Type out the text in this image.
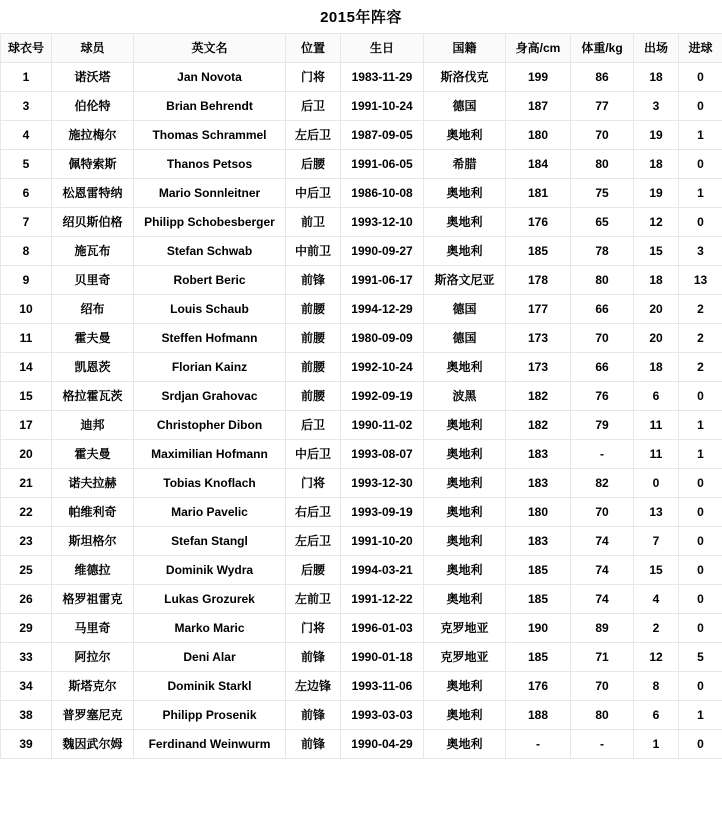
2015年阵容
球衣号	球员	英文名	位置	生日	国籍	身高/cm	体重/kg	出场	进球
1	诺沃塔	Jan Novota	门将	1983-11-29	斯洛伐克	199	86	18	0
3	伯伦特	Brian Behrendt	后卫	1991-10-24	德国	187	77	3	0
4	施拉梅尔	Thomas Schrammel	左后卫	1987-09-05	奥地利	180	70	19	1
5	佩特索斯	Thanos Petsos	后腰	1991-06-05	希腊	184	80	18	0
6	松恩雷特纳	Mario Sonnleitner	中后卫	1986-10-08	奥地利	181	75	19	1
7	绍贝斯伯格	Philipp Schobesberger	前卫	1993-12-10	奥地利	176	65	12	0
8	施瓦布	Stefan Schwab	中前卫	1990-09-27	奥地利	185	78	15	3
9	贝里奇	Robert Beric	前锋	1991-06-17	斯洛文尼亚	178	80	18	13
10	绍布	Louis Schaub	前腰	1994-12-29	德国	177	66	20	2
11	霍夫曼	Steffen Hofmann	前腰	1980-09-09	德国	173	70	20	2
14	凯恩茨	Florian Kainz	前腰	1992-10-24	奥地利	173	66	18	2
15	格拉霍瓦茨	Srdjan Grahovac	前腰	1992-09-19	波黑	182	76	6	0
17	迪邦	Christopher Dibon	后卫	1990-11-02	奥地利	182	79	11	1
20	霍夫曼	Maximilian Hofmann	中后卫	1993-08-07	奥地利	183	-	11	1
21	诺夫拉赫	Tobias Knoflach	门将	1993-12-30	奥地利	183	82	0	0
22	帕维利奇	Mario Pavelic	右后卫	1993-09-19	奥地利	180	70	13	0
23	斯坦格尔	Stefan Stangl	左后卫	1991-10-20	奥地利	183	74	7	0
25	维德拉	Dominik Wydra	后腰	1994-03-21	奥地利	185	74	15	0
26	格罗祖雷克	Lukas Grozurek	左前卫	1991-12-22	奥地利	185	74	4	0
29	马里奇	Marko Maric	门将	1996-01-03	克罗地亚	190	89	2	0
33	阿拉尔	Deni Alar	前锋	1990-01-18	克罗地亚	185	71	12	5
34	斯塔克尔	Dominik Starkl	左边锋	1993-11-06	奥地利	176	70	8	0
38	普罗塞尼克	Philipp Prosenik	前锋	1993-03-03	奥地利	188	80	6	1
39	魏因武尔姆	Ferdinand Weinwurm	前锋	1990-04-29	奥地利	-	-	1	0
